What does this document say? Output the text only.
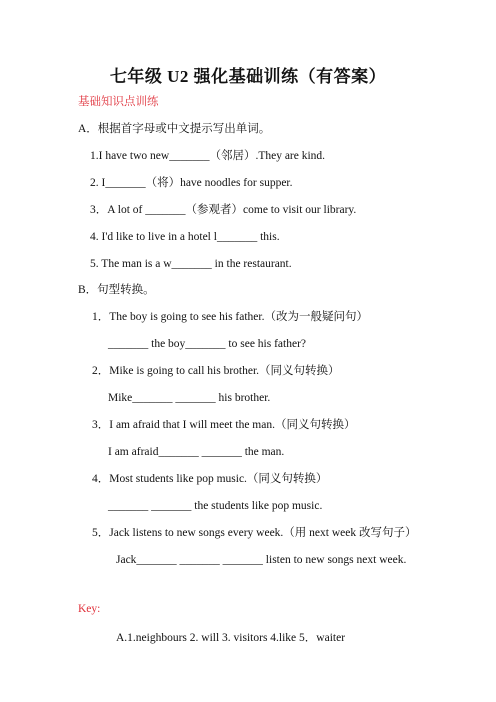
七年级 U2 强化基础训练（有答案）
基础知识点训练
A．根据首字母或中文提示写出单词。
1.I have two new_______（邻居）.They are kind.
2. I_______（将）have noodles for supper.
3．A lot of _______（参观者）come to visit our library.
4. I'd like to live in a hotel l_______ this.
5. The man is a w_______ in the restaurant.
B．句型转换。
1．The boy is going to see his father.（改为一般疑问句）
_______ the boy_______ to see his father?
2．Mike is going to call his brother.（同义句转换）
Mike_______ _______ his brother.
3．I am afraid that I will meet the man.（同义句转换）
I am afraid_______ _______ the man.
4．Most students like pop music.（同义句转换）
_______ _______ the students like pop music.
5．Jack listens to new songs every week.（用 next week 改写句子）
Jack_______ _______ _______ listen to new songs next week.
Key:
A.1.neighbours 2. will 3. visitors 4.like 5．waiter
